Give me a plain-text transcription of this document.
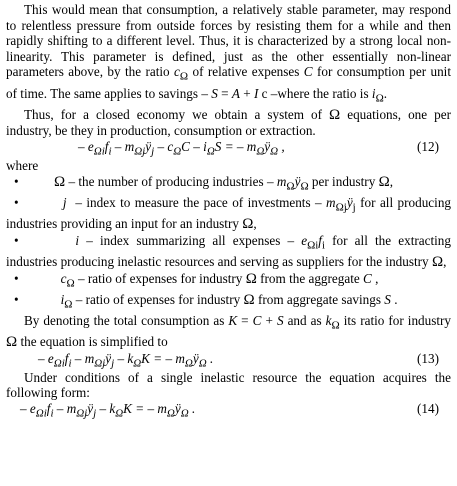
This would mean that consumption, a relatively stable parameter, may respond to relentless pressure from outside forces by resisting them for a while and then rapidly shifting to a different level. Thus, it is characterized by a strong local non-linearity. This parameter is defined, just as the other essentially non-linear parameters above, by the ratio $c_\Omega$ of relative expenses C for consumption per unit of time. The same applies to savings – S = A + I c –where the ratio is $i_\Omega$.

Thus, for a closed economy we obtain a system of Ω equations, one per industry, be they in production, consumption or extraction.

– $e_{\Omega i}f_i$ – $m_{\Omega j}ÿ_j - c_\Omega C - i_\Omega S$ = – $m_\Omega ÿ_\Omega$ ,	(12)

where

• Ω – the number of producing industries – $m_\Omega ÿ_\Omega$ per industry Ω,

•	j  – index to measure the pace of investments – $m_{\Omega j}ÿ_j$ for all producing industries providing an input for an industry Ω,

•	i – index summarizing all expenses – $e_{\Omega i}f_i$ for all the extracting industries producing inelastic resources and serving as suppliers for the industry Ω,

•	$c_\Omega$ – ratio of expenses for industry Ω from the aggregate C ,

•	$i_\Omega$ – ratio of expenses for industry Ω from aggregate savings S .

By denoting the total consumption as K = C + S and as $k_\Omega$ its ratio for industry Ω the equation is simplified to

– $e_{\Omega i}f_i$ – $m_{\Omega j}ÿ_j - k_\Omega K$ = – $m_\Omega ÿ_\Omega$ .	(13)

Under conditions of a single inelastic resource the equation acquires the following form:

– $e_{\Omega i}f_i$ – $m_{\Omega j}ÿ_j - k_\Omega K$ = – $m_\Omega ÿ_\Omega$ .	(14)
